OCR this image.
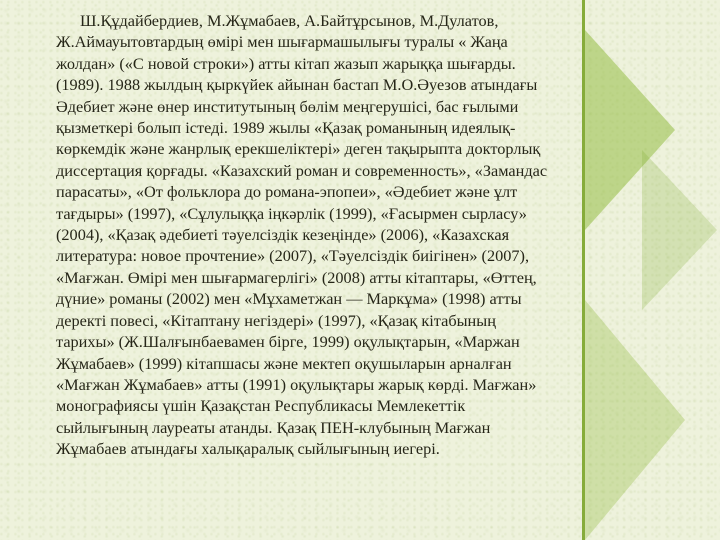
Ш.Құдайбердиев, М.Жұмабаев, А.Байтұрсынов, М.Дулатов, Ж.Аймауытовтардың өмірі мен шығармашылығы туралы « Жаңа жолдан» («С новой строки») атты кітап жазып жарыққа шығарды. (1989). 1988 жылдың қыркүйек айынан бастап М.О.Әуезов атындағы Әдебиет және өнер институтының бөлім меңгерушісі, бас ғылыми қызметкері болып істеді. 1989 жылы «Қазақ романының идеялық-көркемдік және жанрлық ерекшеліктері» деген тақырыпта докторлық диссертация қорғады. «Казахский роман и современность», «Замандас парасаты», «От фольклора до романа-эпопеи», «Әдебиет және ұлт тағдыры» (1997), «Сұлулыққа іңкәрлік (1999), «Ғасырмен сырласу» (2004), «Қазақ әдебиеті тәуелсіздік кезеңінде» (2006), «Казахская литература: новое прочтение» (2007), «Тәуелсіздік биігінен» (2007), «Мағжан. Өмірі мен шығармагерлігі» (2008) атты кітаптары, «Өттең, дүние» романы (2002) мен «Мұхаметжан — Маркұма» (1998) атты деректі повесі, «Кітаптану негіздері» (1997), «Қазақ кітабының тарихы» (Ж.Шалғынбаевамен бірге, 1999) оқулықтарын, «Маржан Жұмабаев» (1999) кітапшасы және мектеп оқушыларын арналған «Мағжан Жұмабаев» атты (1991) оқулықтары жарық көрді. Мағжан» монографиясы үшін Қазақстан Республикасы Мемлекеттік сыйлығының лауреаты атанды. Қазақ ПЕН-клубының Мағжан Жұмабаев атындағы халықаралық сыйлығының иегері.
